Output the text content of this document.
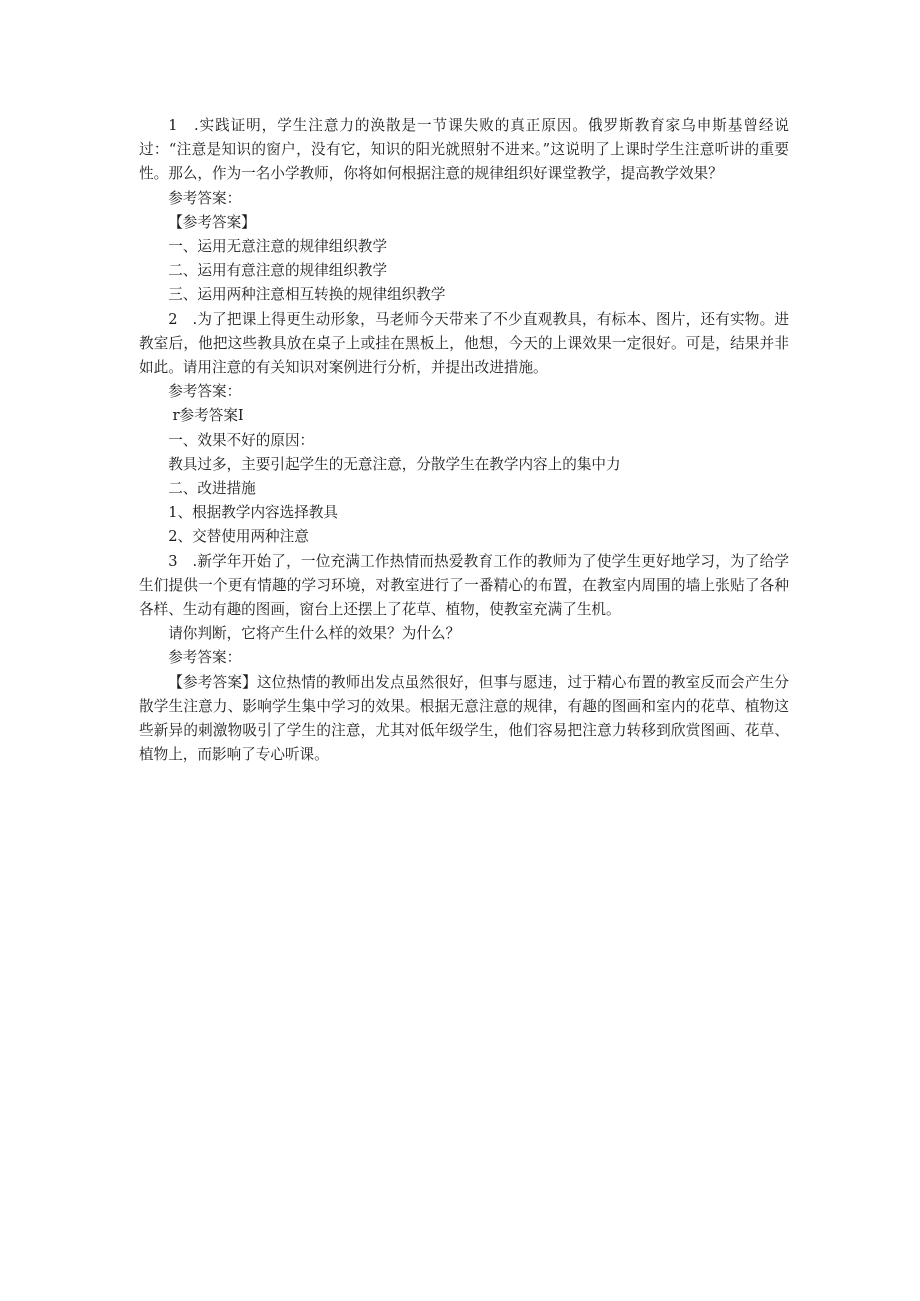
1　.实践证明，学生注意力的涣散是一节课失败的真正原因。俄罗斯教育家乌申斯基曾经说过：“注意是知识的窗户，没有它，知识的阳光就照射不进来。”这说明了上课时学生注意听讲的重要性。那么，作为一名小学教师，你将如何根据注意的规律组织好课堂教学，提高教学效果？

参考答案：

【参考答案】

一、运用无意注意的规律组织教学

二、运用有意注意的规律组织教学

三、运用两种注意相互转换的规律组织教学

2　.为了把课上得更生动形象，马老师今天带来了不少直观教具，有标本、图片，还有实物。进教室后，他把这些教具放在桌子上或挂在黑板上，他想，今天的上课效果一定很好。可是，结果并非如此。请用注意的有关知识对案例进行分析，并提出改进措施。

参考答案：

r参考答案I

一、效果不好的原因：

教具过多，主要引起学生的无意注意，分散学生在教学内容上的集中力

二、改进措施

1、根据教学内容选择教具

2、交替使用两种注意

3　.新学年开始了，一位充满工作热情而热爱教育工作的教师为了使学生更好地学习，为了给学生们提供一个更有情趣的学习环境，对教室进行了一番精心的布置，在教室内周围的墙上张贴了各种各样、生动有趣的图画，窗台上还摆上了花草、植物，使教室充满了生机。

请你判断，它将产生什么样的效果？为什么？

参考答案：

【参考答案】这位热情的教师出发点虽然很好，但事与愿违，过于精心布置的教室反而会产生分散学生注意力、影响学生集中学习的效果。根据无意注意的规律，有趣的图画和室内的花草、植物这些新异的刺激物吸引了学生的注意，尤其对低年级学生，他们容易把注意力转移到欣赏图画、花草、植物上，而影响了专心听课。
